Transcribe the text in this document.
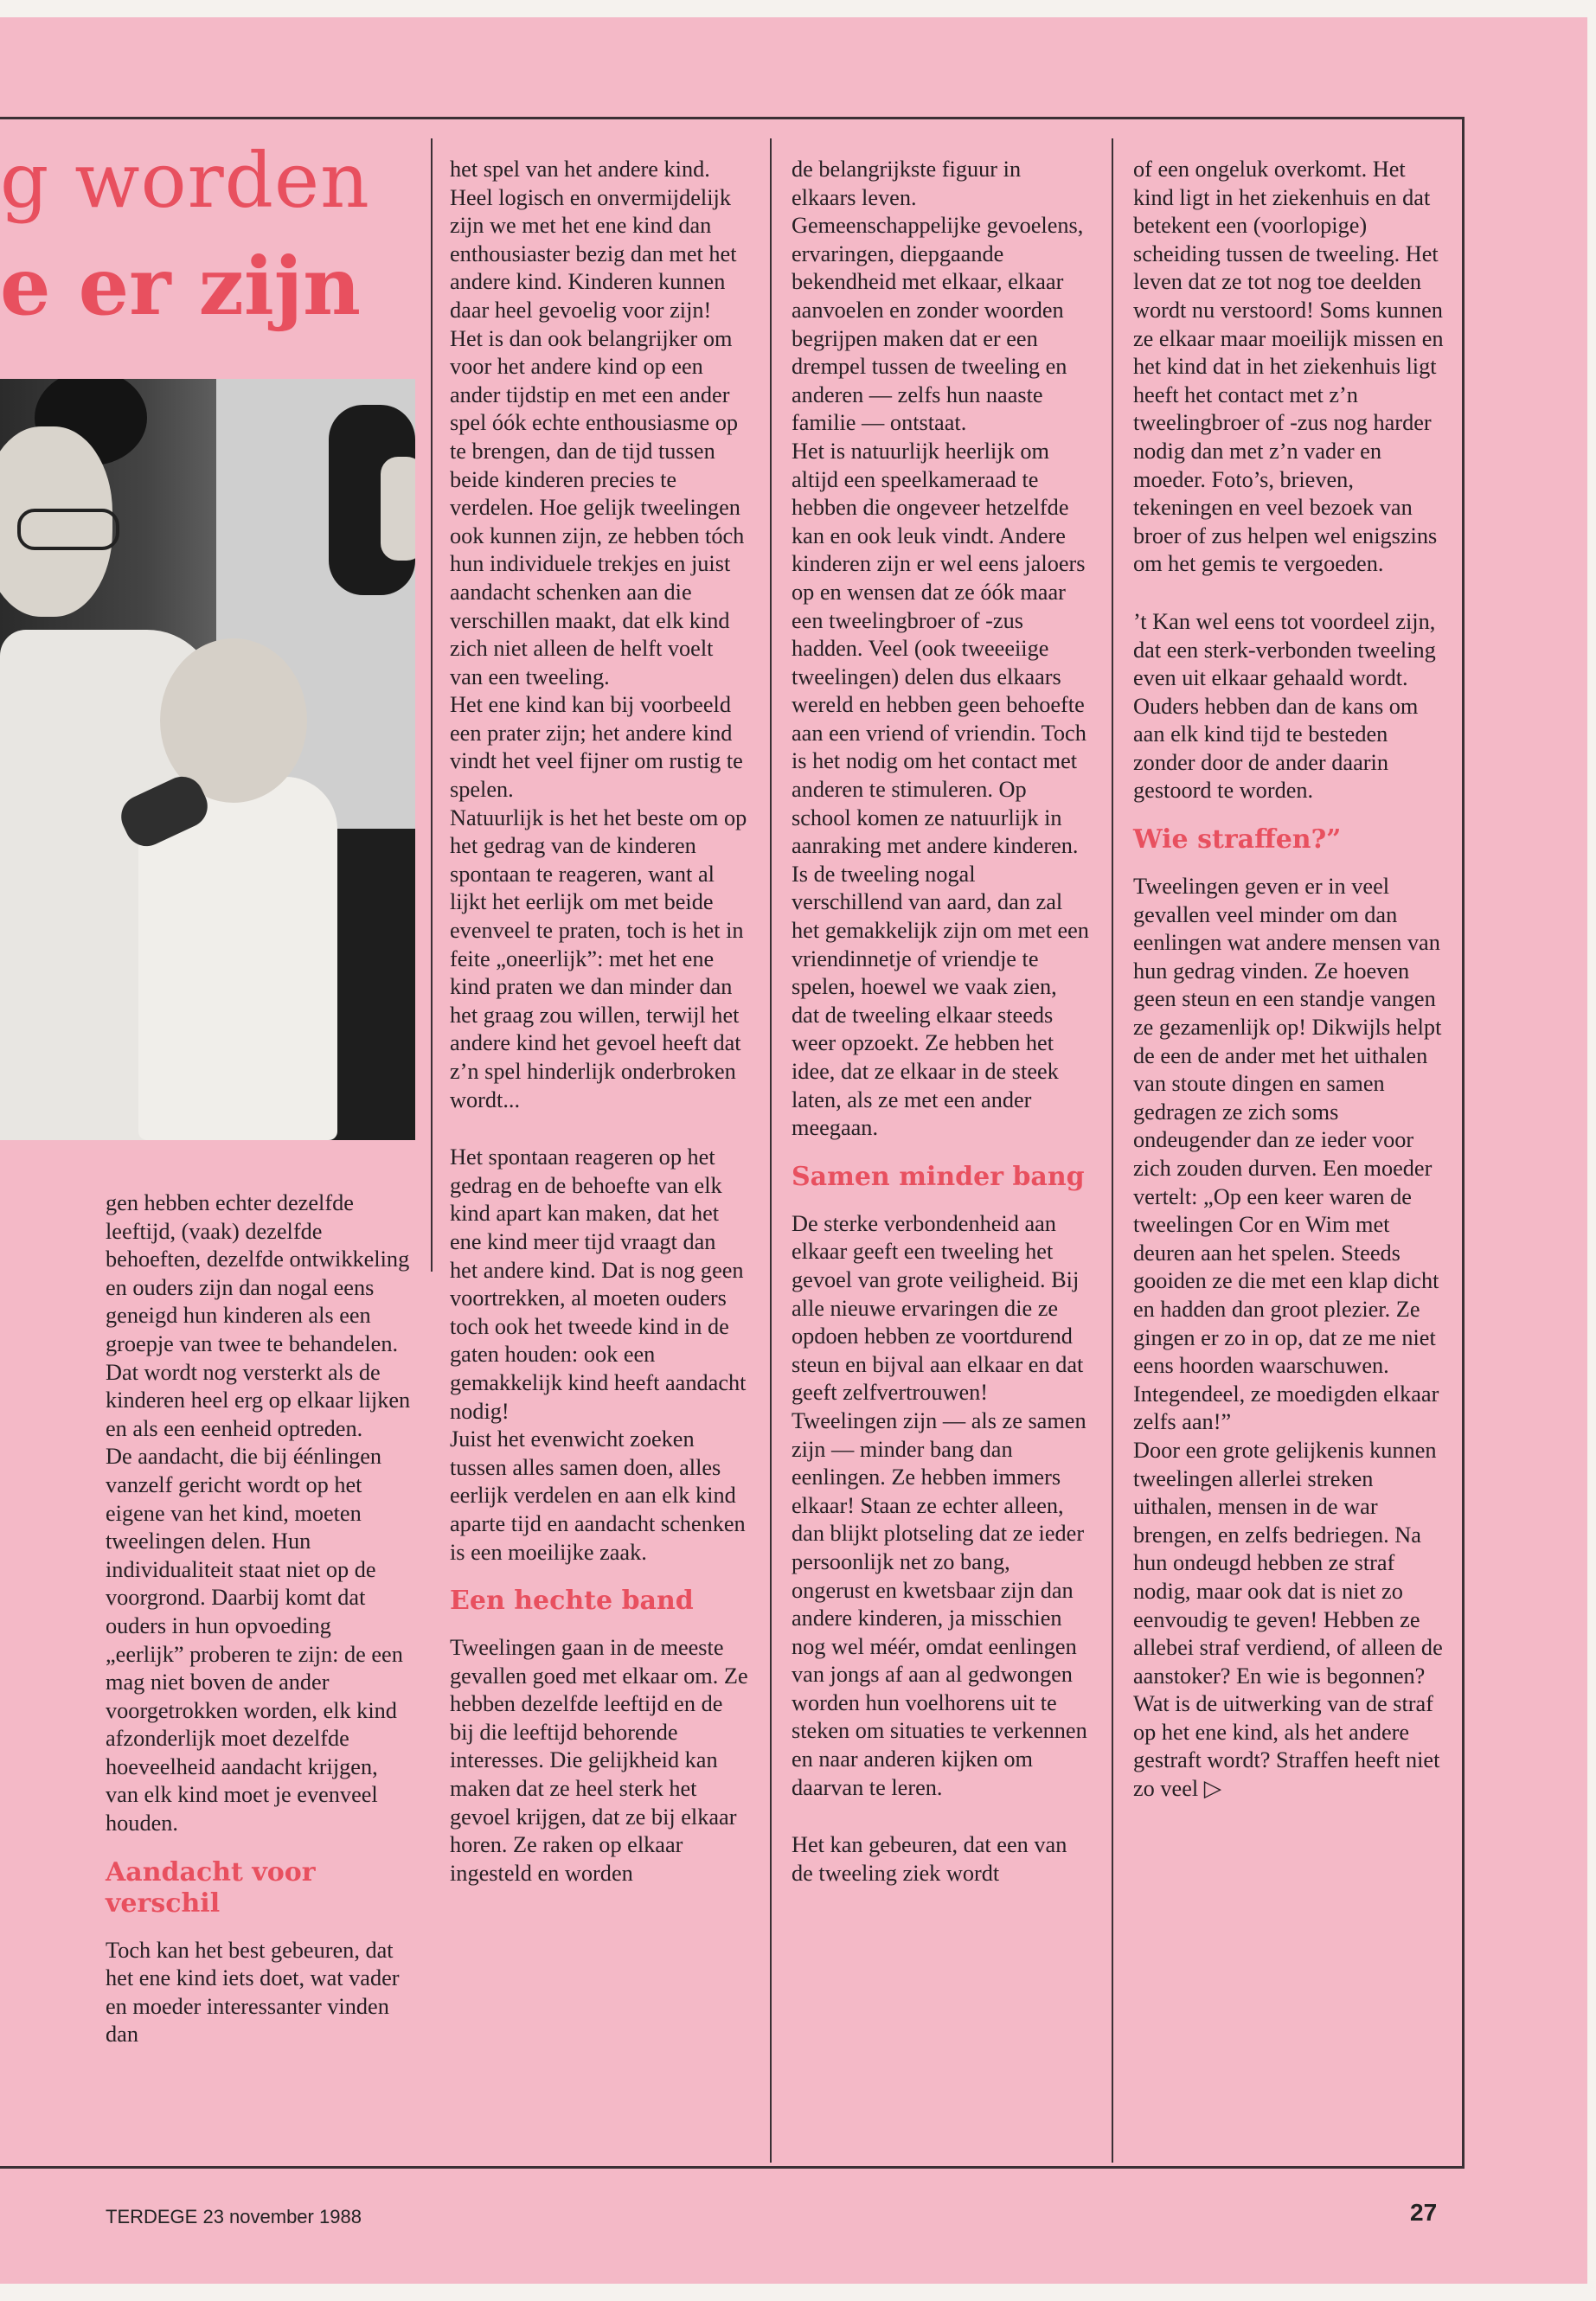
g worden
e er zijn

gen hebben echter dezelfde leeftijd, (vaak) dezelfde behoeften, dezelfde ontwikkeling en ouders zijn dan nogal eens geneigd hun kinderen als een groepje van twee te behandelen. Dat wordt nog versterkt als de kinderen heel erg op elkaar lijken en als een eenheid optreden.

De aandacht, die bij éénlingen vanzelf gericht wordt op het eigene van het kind, moeten tweelingen delen. Hun individualiteit staat niet op de voorgrond. Daarbij komt dat ouders in hun opvoeding „eerlijk” proberen te zijn: de een mag niet boven de ander voorgetrokken worden, elk kind afzonderlijk moet dezelfde hoeveelheid aandacht krijgen, van elk kind moet je evenveel houden.

Aandacht voor verschil

Toch kan het best gebeuren, dat het ene kind iets doet, wat vader en moeder interessanter vinden dan

het spel van het andere kind. Heel logisch en onvermijdelijk zijn we met het ene kind dan enthousiaster bezig dan met het andere kind. Kinderen kunnen daar heel gevoelig voor zijn! Het is dan ook belangrijker om voor het andere kind op een ander tijdstip en met een ander spel óók echte enthousiasme op te brengen, dan de tijd tussen beide kinderen precies te verdelen. Hoe gelijk tweelingen ook kunnen zijn, ze hebben tóch hun individuele trekjes en juist aandacht schenken aan die verschillen maakt, dat elk kind zich niet alleen de helft voelt van een tweeling.

Het ene kind kan bij voorbeeld een prater zijn; het andere kind vindt het veel fijner om rustig te spelen.

Natuurlijk is het het beste om op het gedrag van de kinderen spontaan te reageren, want al lijkt het eerlijk om met beide evenveel te praten, toch is het in feite „oneerlijk”: met het ene kind praten we dan minder dan het graag zou willen, terwijl het andere kind het gevoel heeft dat z’n spel hinderlijk onderbroken wordt...

Het spontaan reageren op het gedrag en de behoefte van elk kind apart kan maken, dat het ene kind meer tijd vraagt dan het andere kind. Dat is nog geen voortrekken, al moeten ouders toch ook het tweede kind in de gaten houden: ook een gemakkelijk kind heeft aandacht nodig!

Juist het evenwicht zoeken tussen alles samen doen, alles eerlijk verdelen en aan elk kind aparte tijd en aandacht schenken is een moeilijke zaak.

Een hechte band

Tweelingen gaan in de meeste gevallen goed met elkaar om. Ze hebben dezelfde leeftijd en de bij die leeftijd behorende interesses. Die gelijkheid kan maken dat ze heel sterk het gevoel krijgen, dat ze bij elkaar horen. Ze raken op elkaar ingesteld en worden

de belangrijkste figuur in elkaars leven.

Gemeenschappelijke gevoelens, ervaringen, diepgaande bekendheid met elkaar, elkaar aanvoelen en zonder woorden begrijpen maken dat er een drempel tussen de tweeling en anderen — zelfs hun naaste familie — ontstaat.

Het is natuurlijk heerlijk om altijd een speelkameraad te hebben die ongeveer hetzelfde kan en ook leuk vindt. Andere kinderen zijn er wel eens jaloers op en wensen dat ze óók maar een tweelingbroer of -zus hadden. Veel (ook tweeeiige tweelingen) delen dus elkaars wereld en hebben geen behoefte aan een vriend of vriendin. Toch is het nodig om het contact met anderen te stimuleren. Op school komen ze natuurlijk in aanraking met andere kinderen. Is de tweeling nogal verschillend van aard, dan zal het gemakkelijk zijn om met een vriendinnetje of vriendje te spelen, hoewel we vaak zien, dat de tweeling elkaar steeds weer opzoekt. Ze hebben het idee, dat ze elkaar in de steek laten, als ze met een ander meegaan.

Samen minder bang

De sterke verbondenheid aan elkaar geeft een tweeling het gevoel van grote veiligheid. Bij alle nieuwe ervaringen die ze opdoen hebben ze voortdurend steun en bijval aan elkaar en dat geeft zelfvertrouwen!

Tweelingen zijn — als ze samen zijn — minder bang dan eenlingen. Ze hebben immers elkaar! Staan ze echter alleen, dan blijkt plotseling dat ze ieder persoonlijk net zo bang, ongerust en kwetsbaar zijn dan andere kinderen, ja misschien nog wel méér, omdat eenlingen van jongs af aan al gedwongen worden hun voelhorens uit te steken om situaties te verkennen en naar anderen kijken om daarvan te leren.

Het kan gebeuren, dat een van de tweeling ziek wordt

of een ongeluk overkomt. Het kind ligt in het ziekenhuis en dat betekent een (voorlopige) scheiding tussen de tweeling. Het leven dat ze tot nog toe deelden wordt nu verstoord! Soms kunnen ze elkaar maar moeilijk missen en het kind dat in het ziekenhuis ligt heeft het contact met z’n tweelingbroer of -zus nog harder nodig dan met z’n vader en moeder. Foto’s, brieven, tekeningen en veel bezoek van broer of zus helpen wel enigszins om het gemis te vergoeden.

’t Kan wel eens tot voordeel zijn, dat een sterk-verbonden tweeling even uit elkaar gehaald wordt. Ouders hebben dan de kans om aan elk kind tijd te besteden zonder door de ander daarin gestoord te worden.

Wie straffen?”

Tweelingen geven er in veel gevallen veel minder om dan eenlingen wat andere mensen van hun gedrag vinden. Ze hoeven geen steun en een standje vangen ze gezamenlijk op! Dikwijls helpt de een de ander met het uithalen van stoute dingen en samen gedragen ze zich soms ondeugender dan ze ieder voor zich zouden durven. Een moeder vertelt: „Op een keer waren de tweelingen Cor en Wim met deuren aan het spelen. Steeds gooiden ze die met een klap dicht en hadden dan groot plezier. Ze gingen er zo in op, dat ze me niet eens hoorden waarschuwen. Integendeel, ze moedigden elkaar zelfs aan!”

Door een grote gelijkenis kunnen tweelingen allerlei streken uithalen, mensen in de war brengen, en zelfs bedriegen. Na hun ondeugd hebben ze straf nodig, maar ook dat is niet zo eenvoudig te geven! Hebben ze allebei straf verdiend, of alleen de aanstoker? En wie is begonnen? Wat is de uitwerking van de straf op het ene kind, als het andere gestraft wordt? Straffen heeft niet zo veel ▷

TERDEGE 23 november 1988	27
